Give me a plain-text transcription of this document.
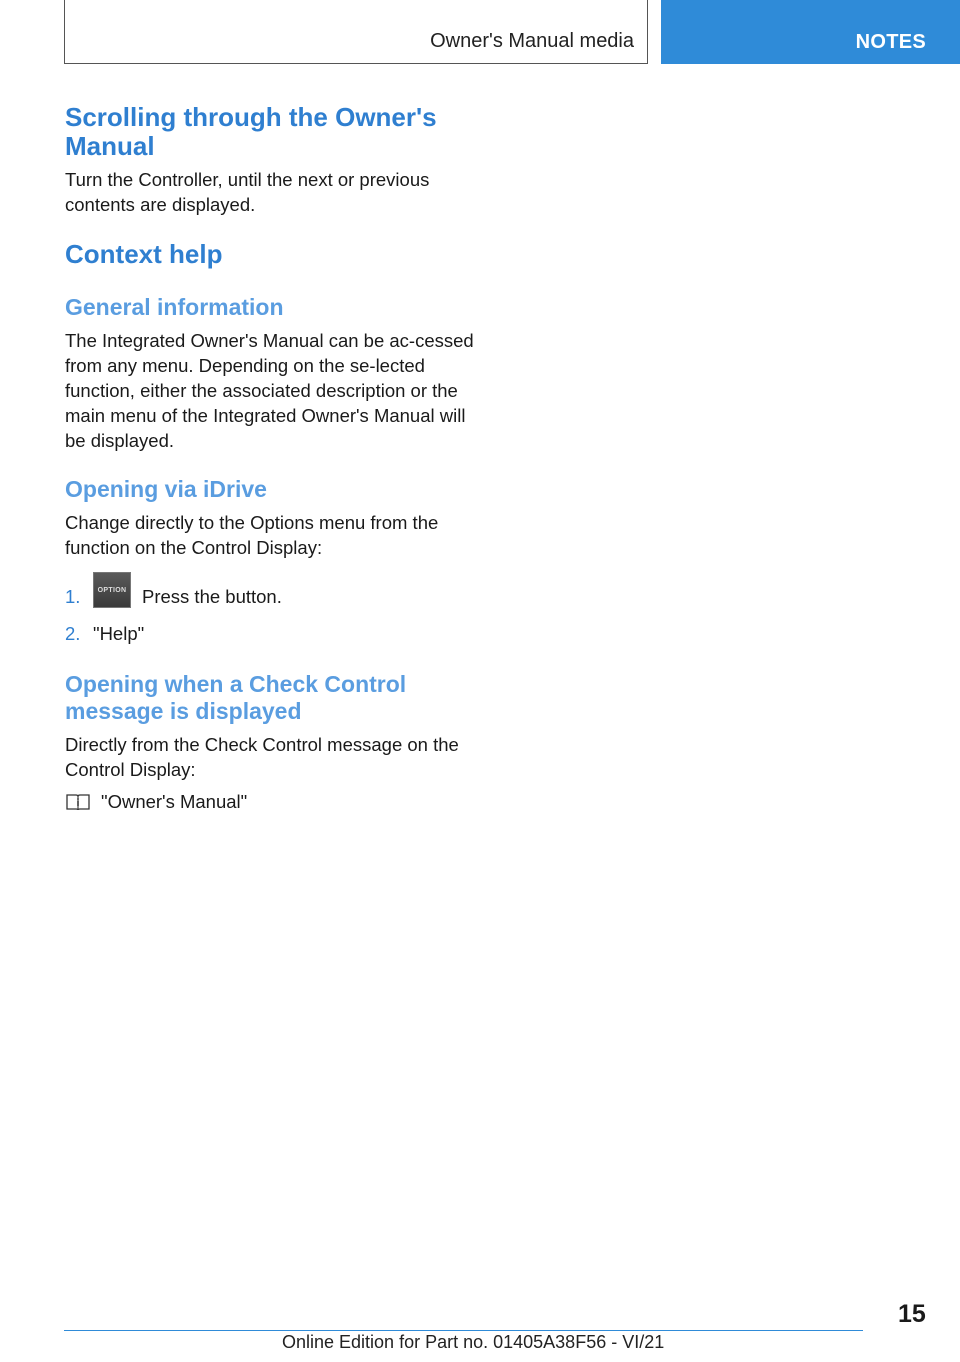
Owner's Manual media	NOTES
Scrolling through the Owner's Manual

Turn the Controller, until the next or previous contents are displayed.

Context help
General information

The Integrated Owner's Manual can be ac-cessed from any menu. Depending on the se-lected function, either the associated description or the main menu of the Integrated Owner's Manual will be displayed.

Opening via iDrive

Change directly to the Options menu from the function on the Control Display:

1.	OPTION Press the button.
2. "Help"
Opening when a Check Control message is displayed

Directly from the Check Control message on the Control Display:

"Owner's Manual"
15
Online Edition for Part no. 01405A38F56 - VI/21
